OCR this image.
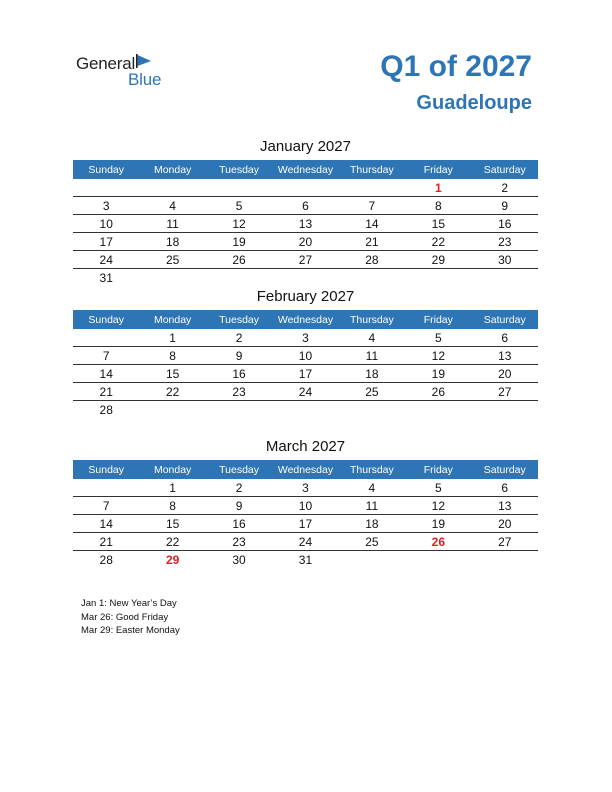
General
Blue	Q1 of 2027
Guadeloupe
January 2027
Sunday	Monday	Tuesday	Wednesday	Thursday	Friday	Saturday
					1	2
3	4	5	6	7	8	9
10	11	12	13	14	15	16
17	18	19	20	21	22	23
24	25	26	27	28	29	30
31						
February 2027
Sunday	Monday	Tuesday	Wednesday	Thursday	Friday	Saturday
	1	2	3	4	5	6
7	8	9	10	11	12	13
14	15	16	17	18	19	20
21	22	23	24	25	26	27
28						
March 2027
Sunday	Monday	Tuesday	Wednesday	Thursday	Friday	Saturday
	1	2	3	4	5	6
7	8	9	10	11	12	13
14	15	16	17	18	19	20
21	22	23	24	25	26	27
28	29	30	31			
Jan 1: New Year’s Day
Mar 26: Good Friday
Mar 29: Easter Monday
